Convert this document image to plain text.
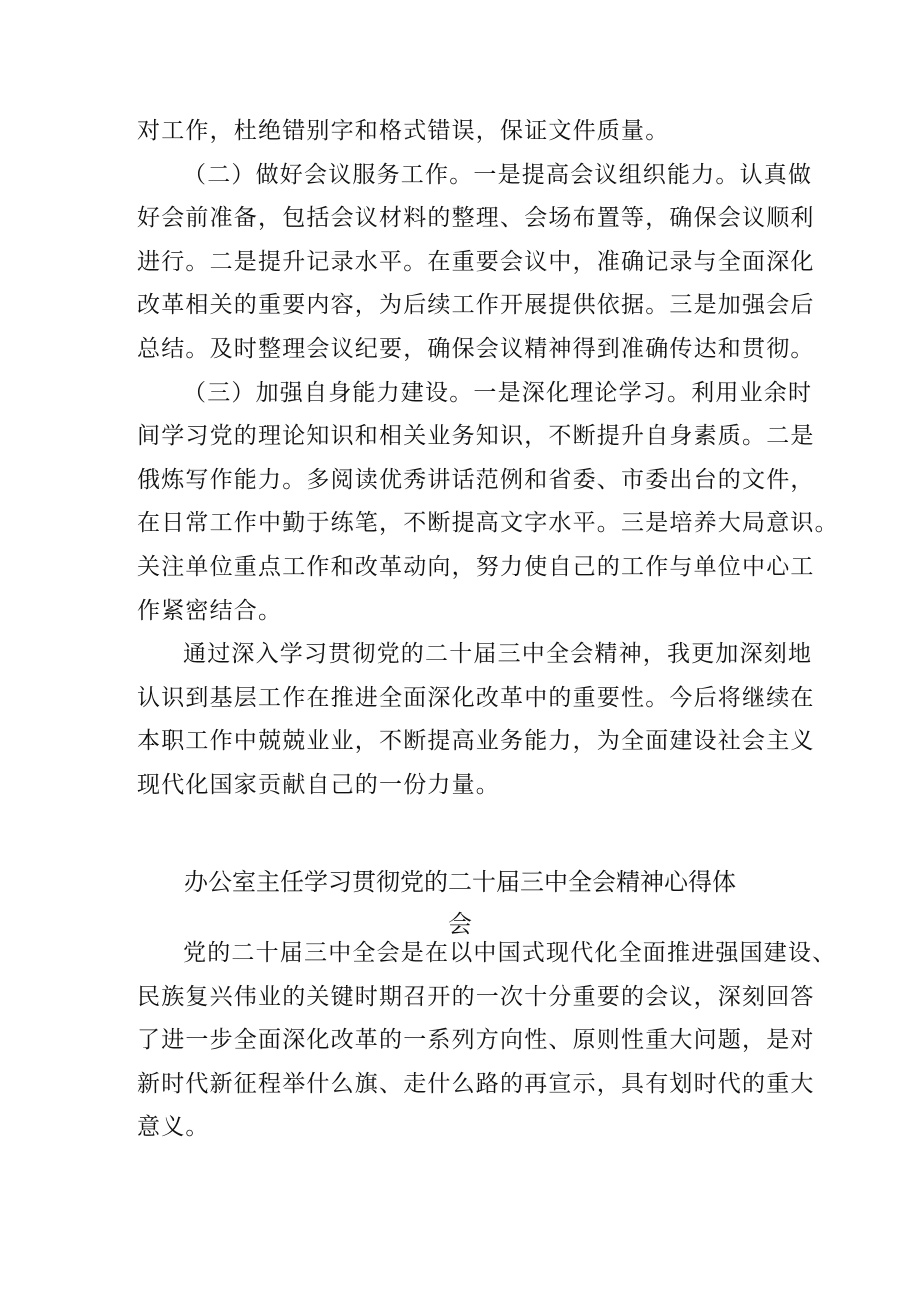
对工作，杜绝错别字和格式错误，保证文件质量。
（二）做好会议服务工作。一是提高会议组织能力。认真做
好会前准备，包括会议材料的整理、会场布置等，确保会议顺利
进行。二是提升记录水平。在重要会议中，准确记录与全面深化
改革相关的重要内容，为后续工作开展提供依据。三是加强会后
总结。及时整理会议纪要，确保会议精神得到准确传达和贯彻。
（三）加强自身能力建设。一是深化理论学习。利用业余时
间学习党的理论知识和相关业务知识，不断提升自身素质。二是
俄炼写作能力。多阅读优秀讲话范例和省委、市委出台的文件，
在日常工作中勤于练笔，不断提高文字水平。三是培养大局意识。
关注单位重点工作和改革动向，努力使自己的工作与单位中心工
作紧密结合。
通过深入学习贯彻党的二十届三中全会精神，我更加深刻地
认识到基层工作在推进全面深化改革中的重要性。今后将继续在
本职工作中兢兢业业，不断提高业务能力，为全面建设社会主义
现代化国家贡献自己的一份力量。
办公室主任学习贯彻党的二十届三中全会精神心得体
会
党的二十届三中全会是在以中国式现代化全面推进强国建设、
民族复兴伟业的关键时期召开的一次十分重要的会议，深刻回答
了进一步全面深化改革的一系列方向性、原则性重大问题，是对
新时代新征程举什么旗、走什么路的再宣示，具有划时代的重大
意义。
